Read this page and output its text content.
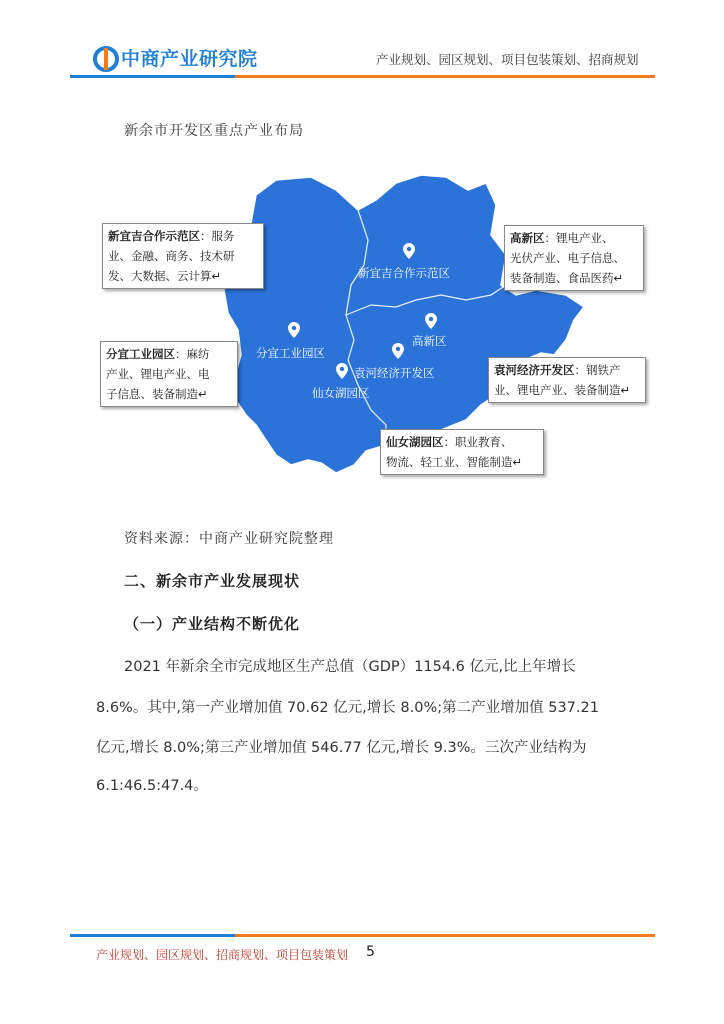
中商产业研究院	产业规划、园区规划、项目包装策划、招商规划
新余市开发区重点产业布局
新宜吉合作示范区
分宜工业园区
高新区
袁河经济开发区
仙女湖园区
新宜吉合作示范区：服务
业、金融、商务、技术研
发、大数据、云计算↵
高新区：锂电产业、
光伏产业、电子信息、
装备制造、食品医药↵
分宜工业园区：麻纺
产业、锂电产业、电
子信息、装备制造↵
袁河经济开发区：钢铁产
业、锂电产业、装备制造↵
仙女湖园区：职业教育、
物流、轻工业、智能制造↵
资料来源：中商产业研究院整理
二、新余市产业发展现状
（一）产业结构不断优化
2021 年新余全市完成地区生产总值（GDP）1154.6 亿元,比上年增长
8.6%。其中,第一产业增加值 70.62 亿元,增长 8.0%;第二产业增加值 537.21
亿元,增长 8.0%;第三产业增加值 546.77 亿元,增长 9.3%。三次产业结构为
6.1:46.5:47.4。
产业规划、园区规划、招商规划、项目包装策划 5
